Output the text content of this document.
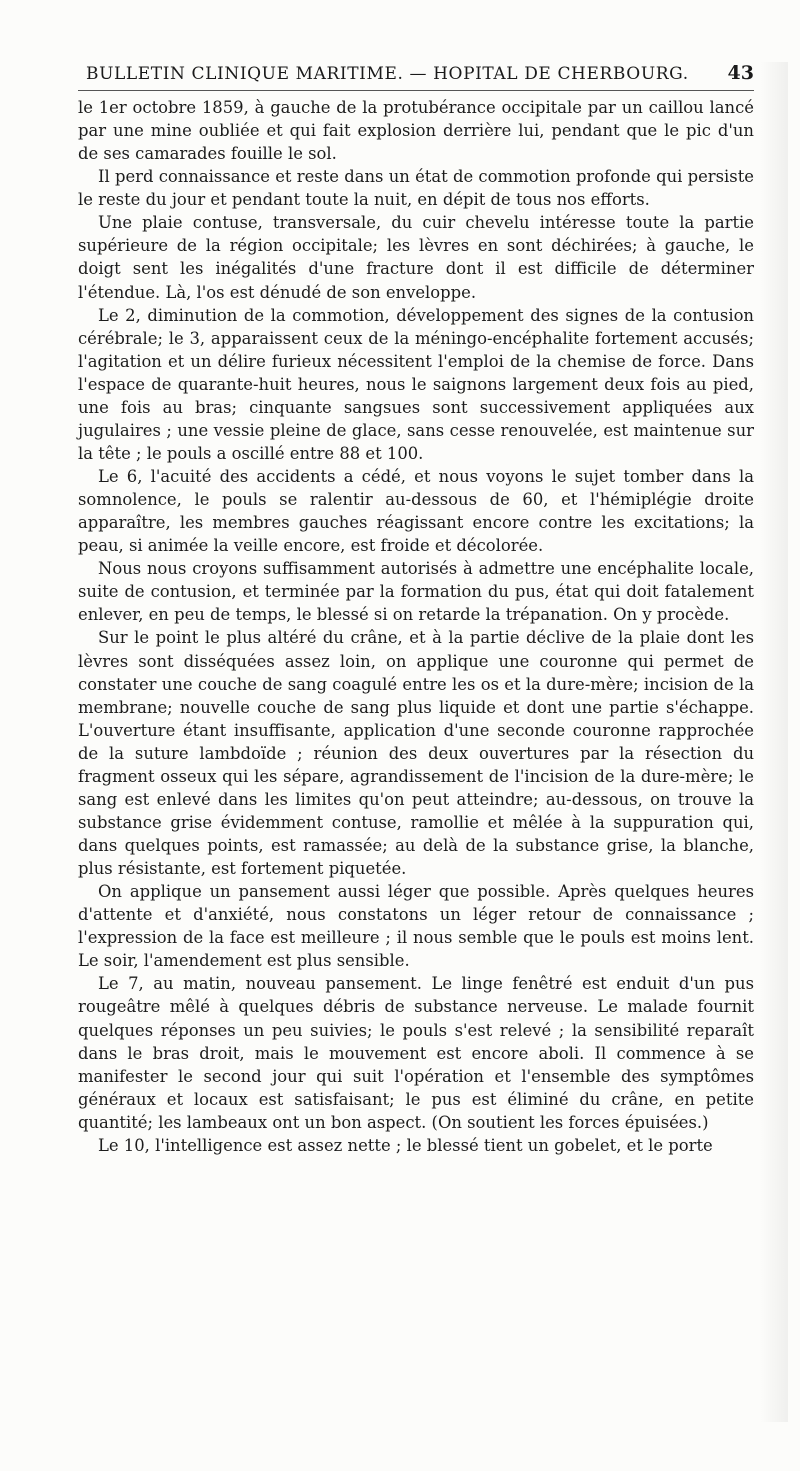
BULLETIN CLINIQUE MARITIME. — HOPITAL DE CHERBOURG. 43

le 1er octobre 1859, à gauche de la protubérance occipitale par un caillou lancé par une mine oubliée et qui fait explosion derrière lui, pendant que le pic d'un de ses camarades fouille le sol.

Il perd connaissance et reste dans un état de commotion profonde qui persiste le reste du jour et pendant toute la nuit, en dépit de tous nos efforts.

Une plaie contuse, transversale, du cuir chevelu intéresse toute la partie supérieure de la région occipitale; les lèvres en sont déchirées; à gauche, le doigt sent les inégalités d'une fracture dont il est difficile de déterminer l'étendue. Là, l'os est dénudé de son enveloppe.

Le 2, diminution de la commotion, développement des signes de la contusion cérébrale; le 3, apparaissent ceux de la méningo-encéphalite fortement accusés; l'agitation et un délire furieux nécessitent l'emploi de la chemise de force. Dans l'espace de quarante-huit heures, nous le saignons largement deux fois au pied, une fois au bras; cinquante sangsues sont successivement appliquées aux jugulaires ; une vessie pleine de glace, sans cesse renouvelée, est maintenue sur la tête ; le pouls a oscillé entre 88 et 100.

Le 6, l'acuité des accidents a cédé, et nous voyons le sujet tomber dans la somnolence, le pouls se ralentir au-dessous de 60, et l'hémiplégie droite apparaître, les membres gauches réagissant encore contre les excitations; la peau, si animée la veille encore, est froide et décolorée.

Nous nous croyons suffisamment autorisés à admettre une encéphalite locale, suite de contusion, et terminée par la formation du pus, état qui doit fatalement enlever, en peu de temps, le blessé si on retarde la trépanation. On y procède.

Sur le point le plus altéré du crâne, et à la partie déclive de la plaie dont les lèvres sont disséquées assez loin, on applique une couronne qui permet de constater une couche de sang coagulé entre les os et la dure-mère; incision de la membrane; nouvelle couche de sang plus liquide et dont une partie s'échappe. L'ouverture étant insuffisante, application d'une seconde couronne rapprochée de la suture lambdoïde ; réunion des deux ouvertures par la résection du fragment osseux qui les sépare, agrandissement de l'incision de la dure-mère; le sang est enlevé dans les limites qu'on peut atteindre; au-dessous, on trouve la substance grise évidemment contuse, ramollie et mêlée à la suppuration qui, dans quelques points, est ramassée; au delà de la substance grise, la blanche, plus résistante, est fortement piquetée.

On applique un pansement aussi léger que possible. Après quelques heures d'attente et d'anxiété, nous constatons un léger retour de connaissance ; l'expression de la face est meilleure ; il nous semble que le pouls est moins lent. Le soir, l'amendement est plus sensible.

Le 7, au matin, nouveau pansement. Le linge fenêtré est enduit d'un pus rougeâtre mêlé à quelques débris de substance nerveuse. Le malade fournit quelques réponses un peu suivies; le pouls s'est relevé ; la sensibilité reparaît dans le bras droit, mais le mouvement est encore aboli. Il commence à se manifester le second jour qui suit l'opération et l'ensemble des symptômes généraux et locaux est satisfaisant; le pus est éliminé du crâne, en petite quantité; les lambeaux ont un bon aspect. (On soutient les forces épuisées.)

Le 10, l'intelligence est assez nette ; le blessé tient un gobelet, et le porte
